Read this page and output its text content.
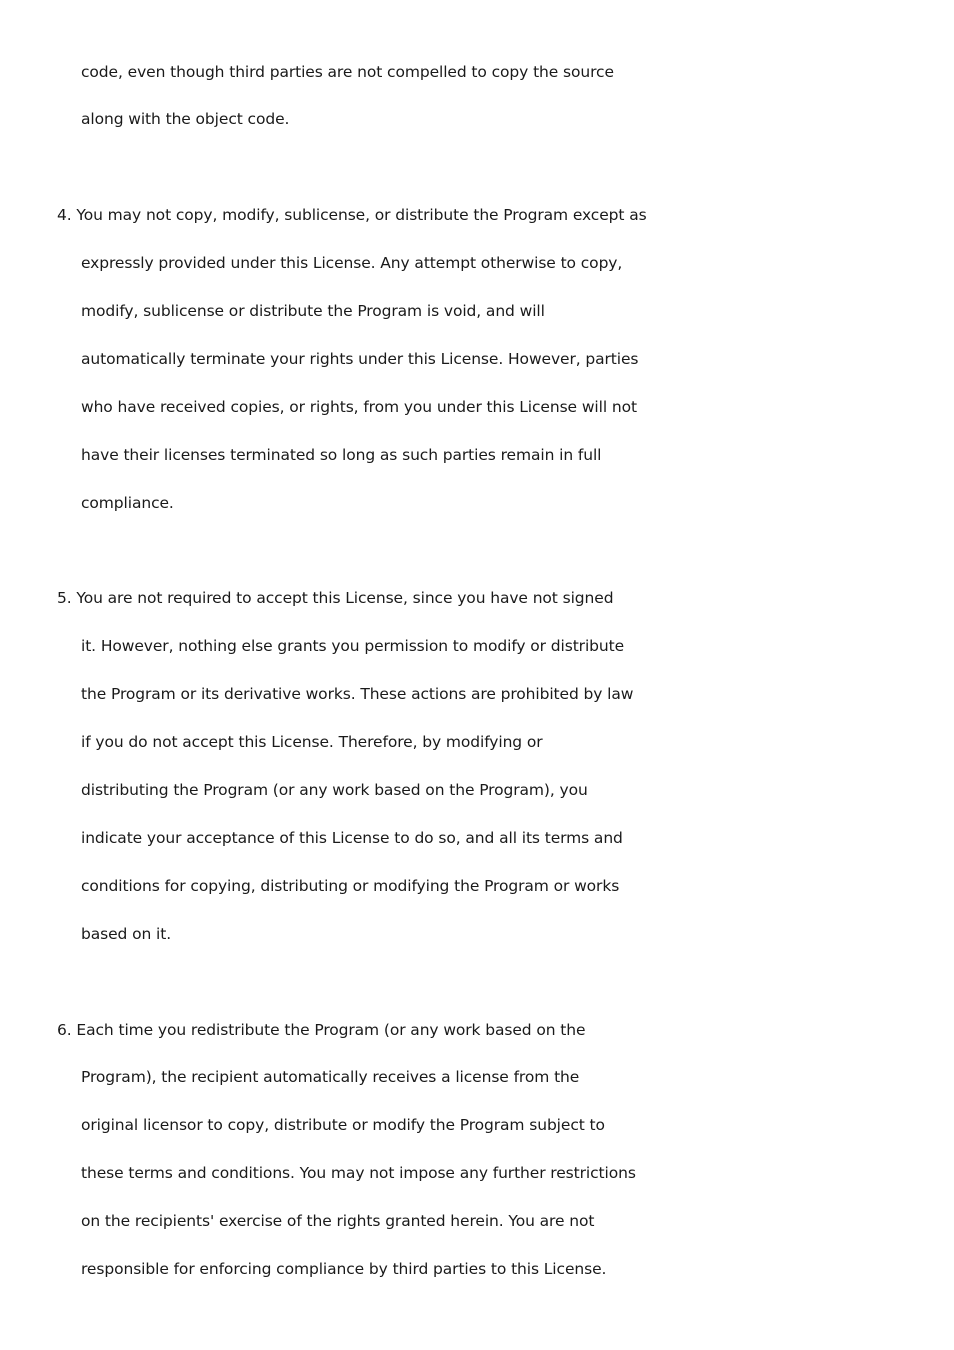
code, even though third parties are not compelled to copy the source
along with the object code.
4. You may not copy, modify, sublicense, or distribute the Program except as
expressly provided under this License. Any attempt otherwise to copy,
modify, sublicense or distribute the Program is void, and will
automatically terminate your rights under this License. However, parties
who have received copies, or rights, from you under this License will not
have their licenses terminated so long as such parties remain in full
compliance.
5. You are not required to accept this License, since you have not signed
it. However, nothing else grants you permission to modify or distribute
the Program or its derivative works. These actions are prohibited by law
if you do not accept this License. Therefore, by modifying or
distributing the Program (or any work based on the Program), you
indicate your acceptance of this License to do so, and all its terms and
conditions for copying, distributing or modifying the Program or works
based on it.
6. Each time you redistribute the Program (or any work based on the
Program), the recipient automatically receives a license from the
original licensor to copy, distribute or modify the Program subject to
these terms and conditions. You may not impose any further restrictions
on the recipients' exercise of the rights granted herein. You are not
responsible for enforcing compliance by third parties to this License.
